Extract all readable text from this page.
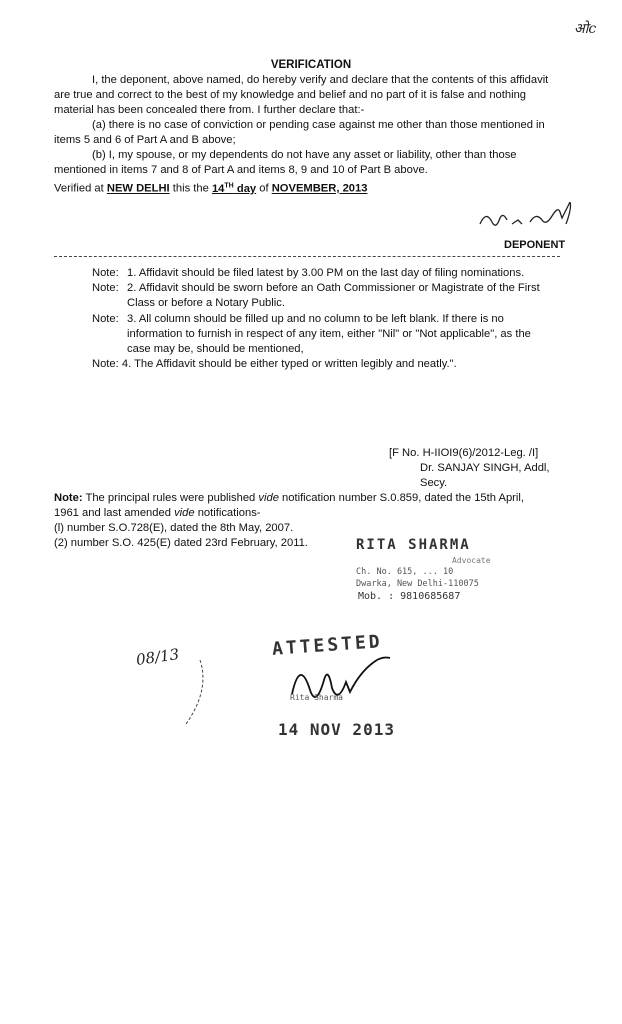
ओc
VERIFICATION
I, the deponent, above named, do hereby verify and declare that the contents of this affidavit are true and correct to the best of my knowledge and belief and no part of it is false and nothing material has been concealed there from. I further declare that:-
(a) there is no case of conviction or pending case against me other than those mentioned in items 5 and 6 of Part A and B above;
(b) I, my spouse, or my dependents do not have any asset or liability, other than those mentioned in items 7 and 8 of Part A and items 8, 9 and 10 of Part B above.
Verified at NEW DELHI this the 14TH day of NOVEMBER, 2013
DEPONENT
Note: 1. Affidavit should be filed latest by 3.00 PM on the last day of filing nominations.
Note: 2. Affidavit should be sworn before an Oath Commissioner or Magistrate of the First Class or before a Notary Public.
Note: 3. All column should be filled up and no column to be left blank. If there is no information to furnish in respect of any item, either "Nil" or "Not applicable", as the case may be, should be mentioned,
Note: 4. The Affidavit should be either typed or written legibly and neatly.".
[F No. H-IIOI9(6)/2012-Leg. /I]
Dr. SANJAY SINGH, Addl,
Secy.
Note: The principal rules were published vide notification number S.0.859, dated the 15th April, 1961 and last amended vide notifications-
(l) number S.O.728(E), dated the 8th May, 2007.
(2) number S.O. 425(E) dated 23rd February, 2011.	RITA SHARMA
Advocate
Ch. No. 615, ... 10
Dwarka, New Delhi-110075
Mob. : 9810685687
08/13	ATTESTED
Rita Sharma
14 NOV 2013
